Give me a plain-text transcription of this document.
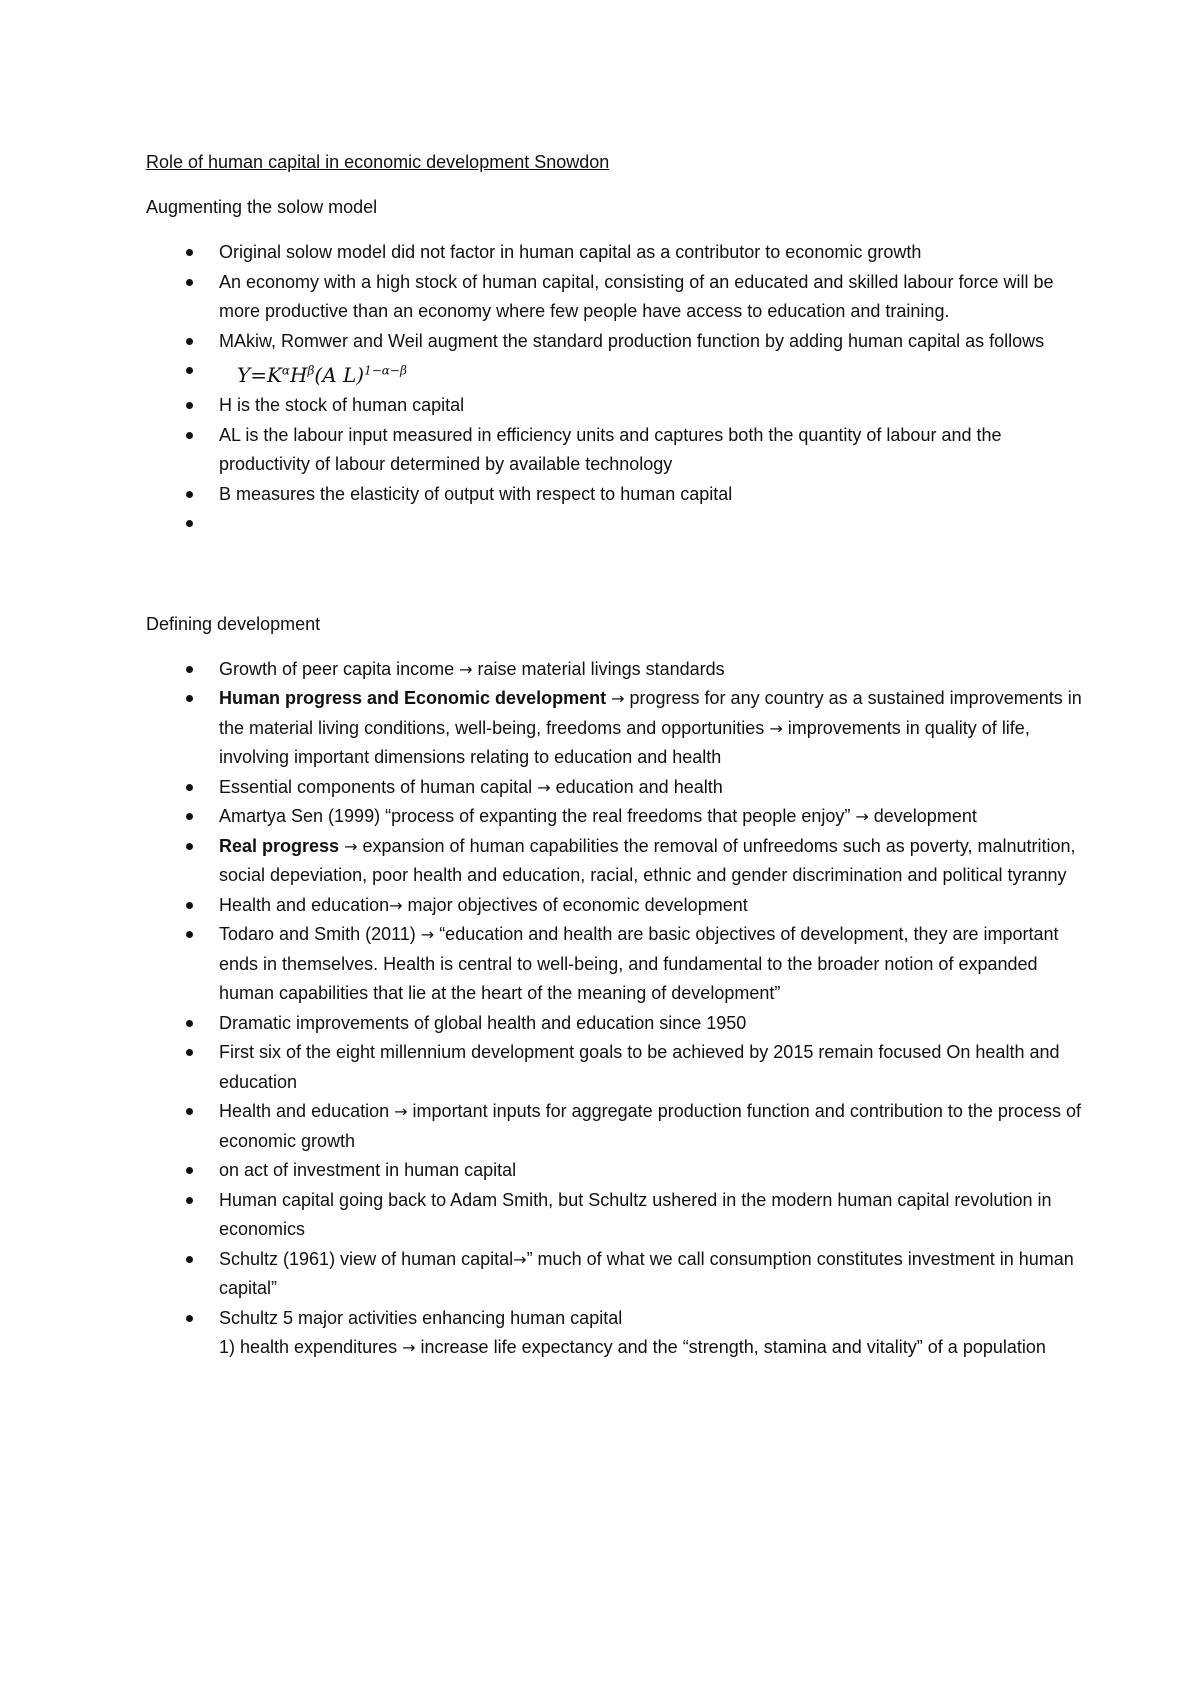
Role of human capital in economic development Snowdon
Augmenting the solow model
Original solow model did not factor in human capital as a contributor to economic growth
An economy with a high stock of human capital, consisting of an educated and skilled labour force will be more productive than an economy where few people have access to education and training.
MAkiw, Romwer and Weil augment the standard production function by adding human capital as follows
$Y=K^\alpha H^\beta(A$ L)$^{1-\alpha-\beta}$
H is the stock of human capital
AL is the labour input measured in efficiency units and captures both the quantity of labour and the productivity of labour determined by available technology
B measures the elasticity of output with respect to human capital
Defining development
Growth of peer capita income → raise material livings standards
Human progress and Economic development → progress for any country as a sustained improvements in the material living conditions, well-being, freedoms and opportunities → improvements in quality of life, involving important dimensions relating to education and health
Essential components of human capital → education and health
Amartya Sen (1999) “process of expanting the real freedoms that people enjoy” → development
Real progress → expansion of human capabilities the removal of unfreedoms such as poverty, malnutrition, social depeviation, poor health and education, racial, ethnic and gender discrimination and political tyranny
Health and education→ major objectives of economic development
Todaro and Smith (2011) → “education and health are basic objectives of development, they are important ends in themselves. Health is central to well-being, and fundamental to the broader notion of expanded human capabilities that lie at the heart of the meaning of development”
Dramatic improvements of global health and education since 1950
First six of the eight millennium development goals to be achieved by 2015 remain focused On health and education
Health and education → important inputs for aggregate production function and contribution to the process of economic growth
on act of investment in human capital
Human capital going back to Adam Smith, but Schultz ushered in the modern human capital revolution in economics
Schultz (1961) view of human capital→” much of what we call consumption constitutes investment in human capital”
Schultz 5 major activities enhancing human capital
1) health expenditures → increase life expectancy and the “strength, stamina and vitality” of a population
